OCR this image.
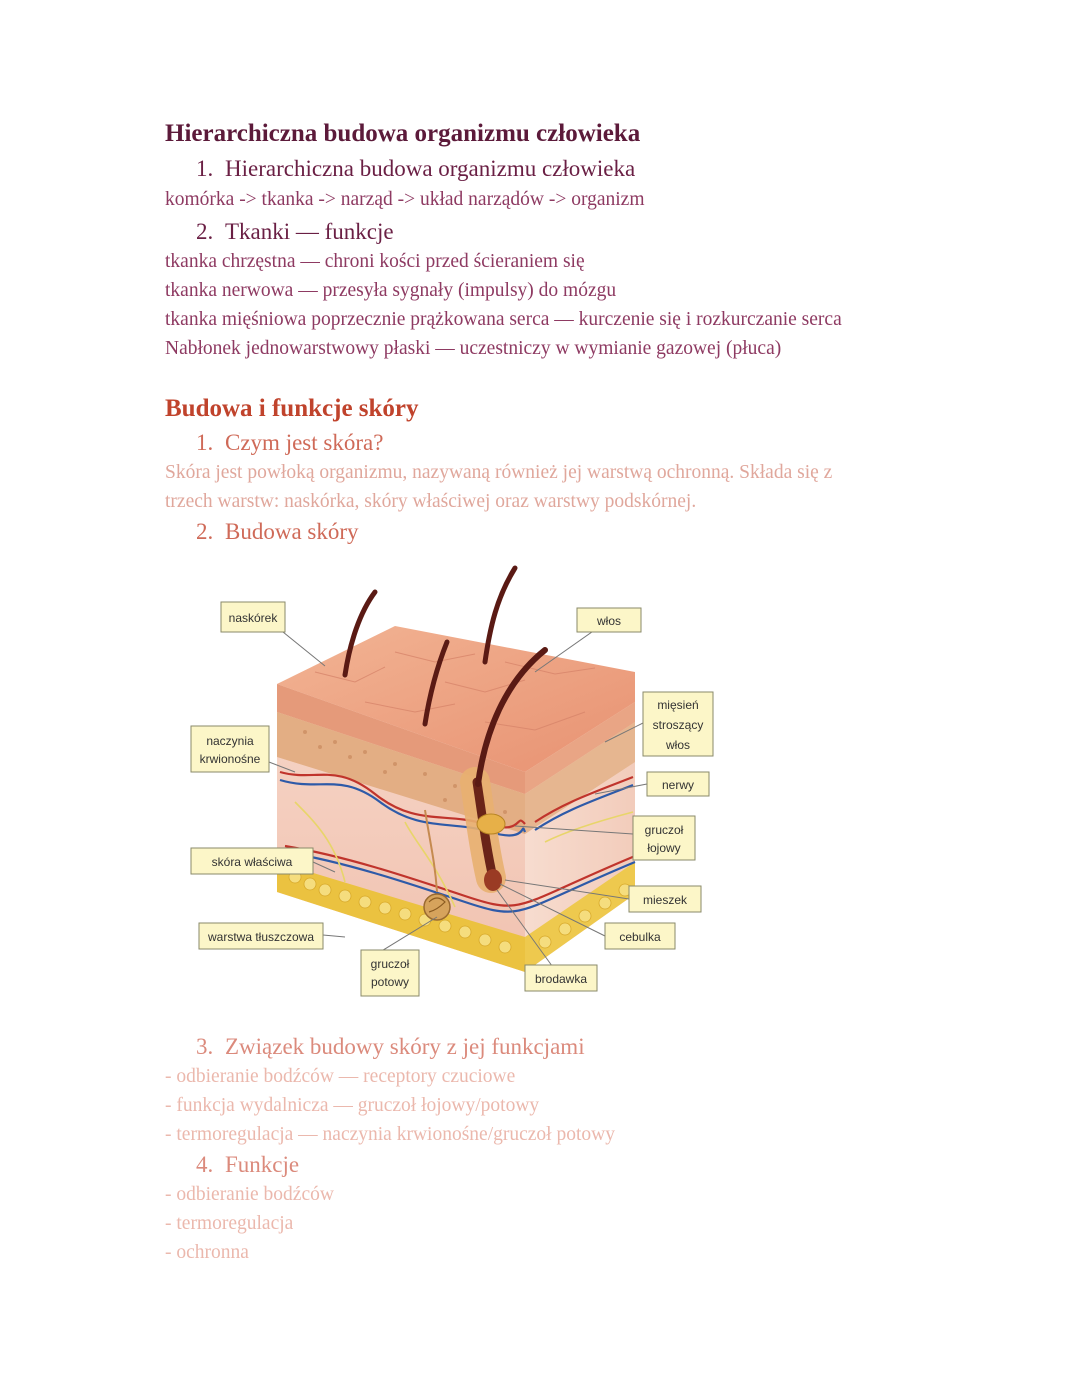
Hierarchiczna budowa organizmu człowieka
1. Hierarchiczna budowa organizmu człowieka
komórka -> tkanka -> narząd -> układ narządów -> organizm
2. Tkanki — funkcje
tkanka chrzęstna — chroni kości przed ścieraniem się
tkanka nerwowa — przesyła sygnały (impulsy) do mózgu
tkanka mięśniowa poprzecznie prążkowana serca — kurczenie się i rozkurczanie serca
Nabłonek jednowarstwowy płaski — uczestniczy w wymianie gazowej (płuca)
Budowa i funkcje skóry
1. Czym jest skóra?
Skóra jest powłoką organizmu, nazywaną również jej warstwą ochronną. Składa się z
trzech warstw: naskórka, skóry właściwej oraz warstwy podskórnej.
2. Budowa skóry
naskórek	włos
mięsień
stroszący
włos
naczynia
krwionośne
nerwy
gruczoł
łojowy
skóra właściwa
mieszek
warstwa tłuszczowa	cebulka
gruczoł
potowy	brodawka
3. Związek budowy skóry z jej funkcjami
- odbieranie bodźców — receptory czuciowe
- funkcja wydalnicza — gruczoł łojowy/potowy
- termoregulacja — naczynia krwionośne/gruczoł potowy
4. Funkcje
- odbieranie bodźców
- termoregulacja
- ochronna
